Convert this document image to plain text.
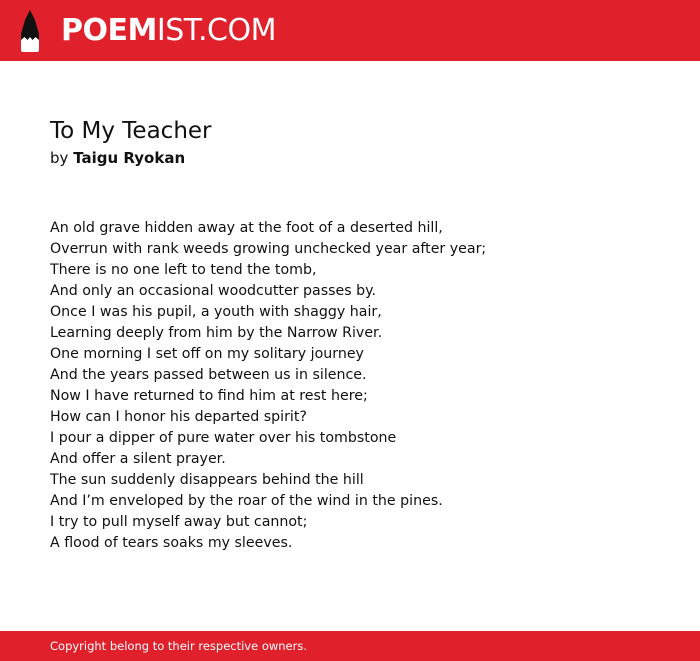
POEMIST.COM
To My Teacher

by Taigu Ryokan

An old grave hidden away at the foot of a deserted hill,
Overrun with rank weeds growing unchecked year after year;
There is no one left to tend the tomb,
And only an occasional woodcutter passes by.
Once I was his pupil, a youth with shaggy hair,
Learning deeply from him by the Narrow River.
One morning I set off on my solitary journey
And the years passed between us in silence.
Now I have returned to find him at rest here;
How can I honor his departed spirit?
I pour a dipper of pure water over his tombstone
And offer a silent prayer.
The sun suddenly disappears behind the hill
And I’m enveloped by the roar of the wind in the pines.
I try to pull myself away but cannot;
A flood of tears soaks my sleeves.
Copyright belong to their respective owners.
